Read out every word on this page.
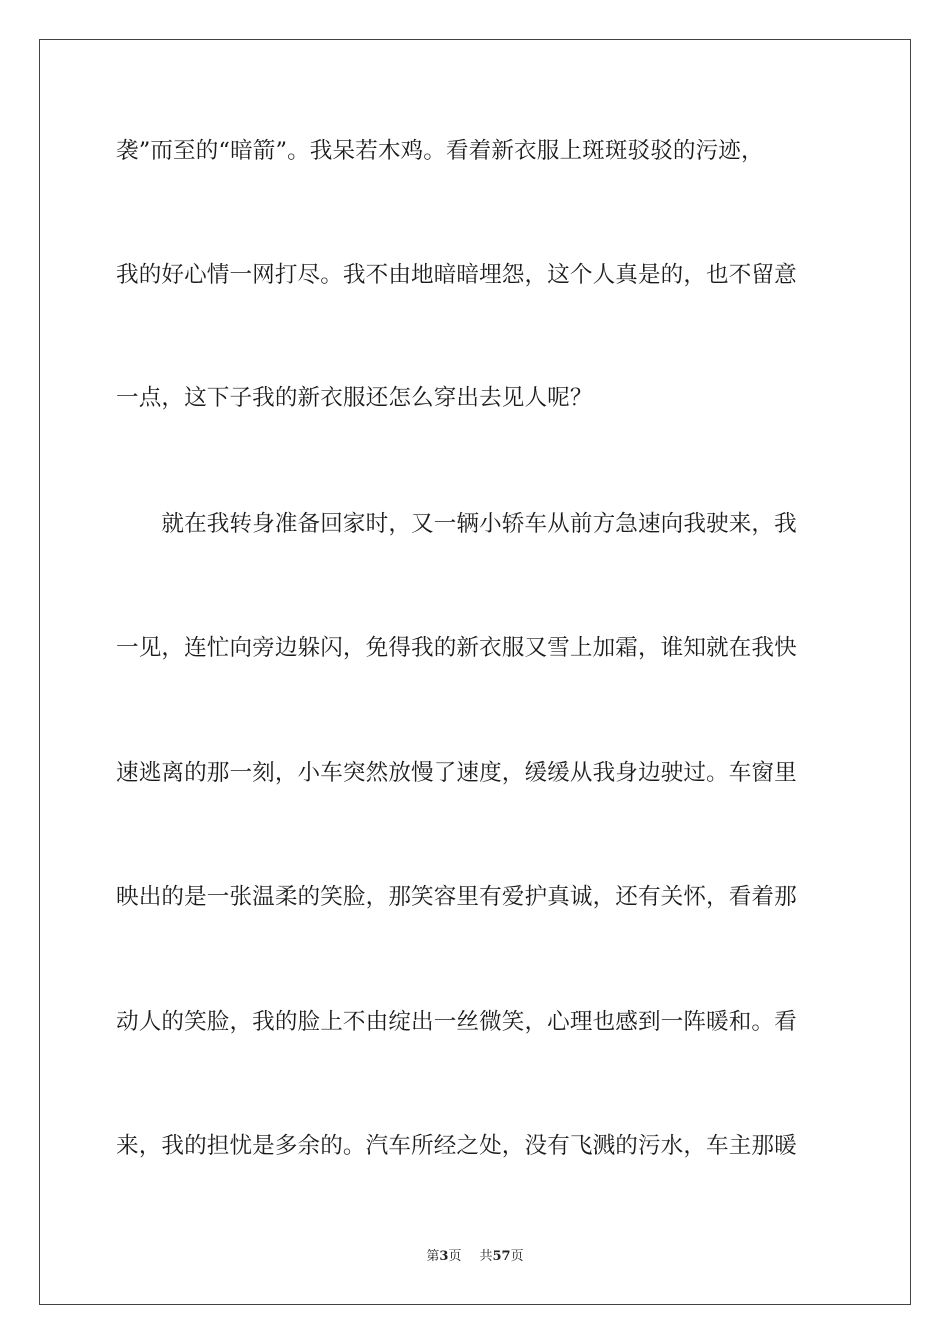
袭”而至的“暗箭”。我呆若木鸡。看着新衣服上斑斑驳驳的污迹，
我的好心情一网打尽。我不由地暗暗埋怨，这个人真是的，也不留意
一点，这下子我的新衣服还怎么穿出去见人呢？
　　就在我转身准备回家时，又一辆小轿车从前方急速向我驶来，我
一见，连忙向旁边躲闪，免得我的新衣服又雪上加霜，谁知就在我快
速逃离的那一刻，小车突然放慢了速度，缓缓从我身边驶过。车窗里
映出的是一张温柔的笑脸，那笑容里有爱护真诚，还有关怀，看着那
动人的笑脸，我的脸上不由绽出一丝微笑，心理也感到一阵暖和。看
来，我的担忧是多余的。汽车所经之处，没有飞溅的污水，车主那暖
第3页 共57页
